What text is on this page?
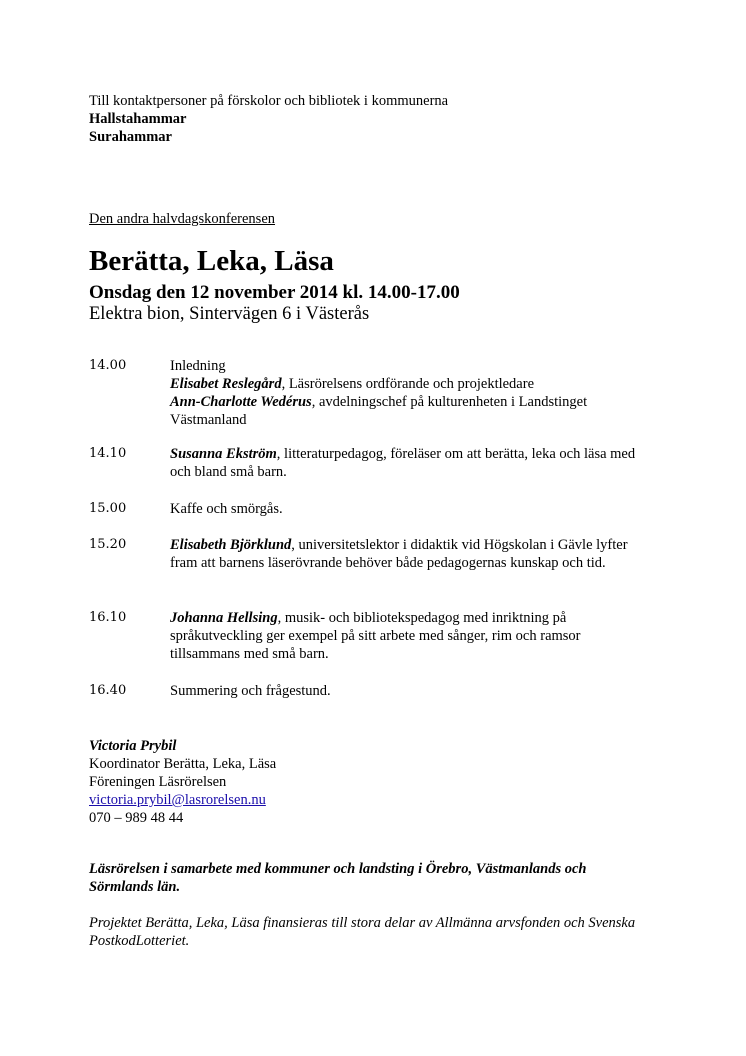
Till kontaktpersoner på förskolor och bibliotek i kommunerna

Hallstahammar

Surahammar

Den andra halvdagskonferensen

Berätta, Leka, Läsa
Onsdag den 12 november 2014 kl. 14.00-17.00

Elektra bion, Sintervägen 6 i Västerås

14.00	Inledning
Elisabet Reslegård, Läsrörelsens ordförande och projektledare
Ann-Charlotte Wedérus, avdelningschef på kulturenheten i Landstinget Västmanland
14.10	Susanna Ekström, litteraturpedagog, föreläser om att berätta, leka och läsa med och bland små barn.
15.00	Kaffe och smörgås.
15.20	Elisabeth Björklund, universitetslektor i didaktik vid Högskolan i Gävle lyfter fram att barnens läserövrande behöver både pedagogernas kunskap och tid.
16.10	Johanna Hellsing, musik- och bibliotekspedagog med inriktning på språkutveckling ger exempel på sitt arbete med sånger, rim och ramsor tillsammans med små barn.
16.40	Summering och frågestund.

Victoria Prybil

Koordinator Berätta, Leka, Läsa

Föreningen Läsrörelsen

victoria.prybil@lasrorelsen.nu

070 – 989 48 44

Läsrörelsen i samarbete med kommuner och landsting i Örebro, Västmanlands och Sörmlands län.

Projektet Berätta, Leka, Läsa finansieras till stora delar av Allmänna arvsfonden och Svenska PostkodLotteriet.
